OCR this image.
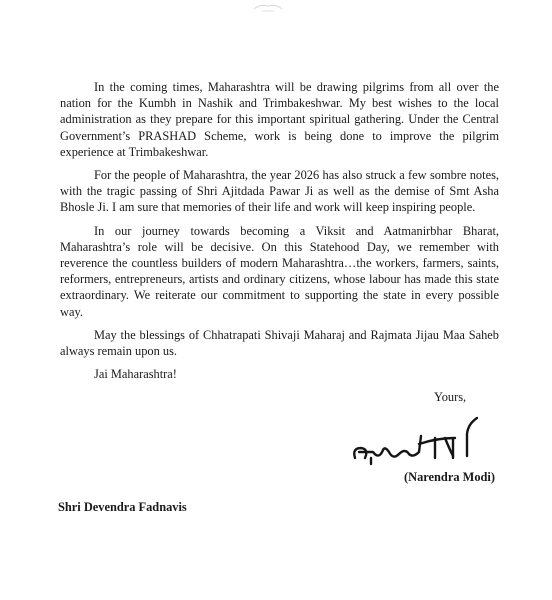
In the coming times, Maharashtra will be drawing pilgrims from all over the nation for the Kumbh in Nashik and Trimbakeshwar. My best wishes to the local administration as they prepare for this important spiritual gathering. Under the Central Government’s PRASHAD Scheme, work is being done to improve the pilgrim experience at Trimbakeshwar.

For the people of Maharashtra, the year 2026 has also struck a few sombre notes, with the tragic passing of Shri Ajitdada Pawar Ji as well as the demise of Smt Asha Bhosle Ji. I am sure that memories of their life and work will keep inspiring people.

In our journey towards becoming a Viksit and Aatmanirbhar Bharat, Maharashtra’s role will be decisive. On this Statehood Day, we remember with reverence the countless builders of modern Maharashtra…the workers, farmers, saints, reformers, entrepreneurs, artists and ordinary citizens, whose labour has made this state extraordinary. We reiterate our commitment to supporting the state in every possible way.

May the blessings of Chhatrapati Shivaji Maharaj and Rajmata Jijau Maa Saheb always remain upon us.

Jai Maharashtra!

Yours,
(Narendra Modi)
Shri Devendra Fadnavis
